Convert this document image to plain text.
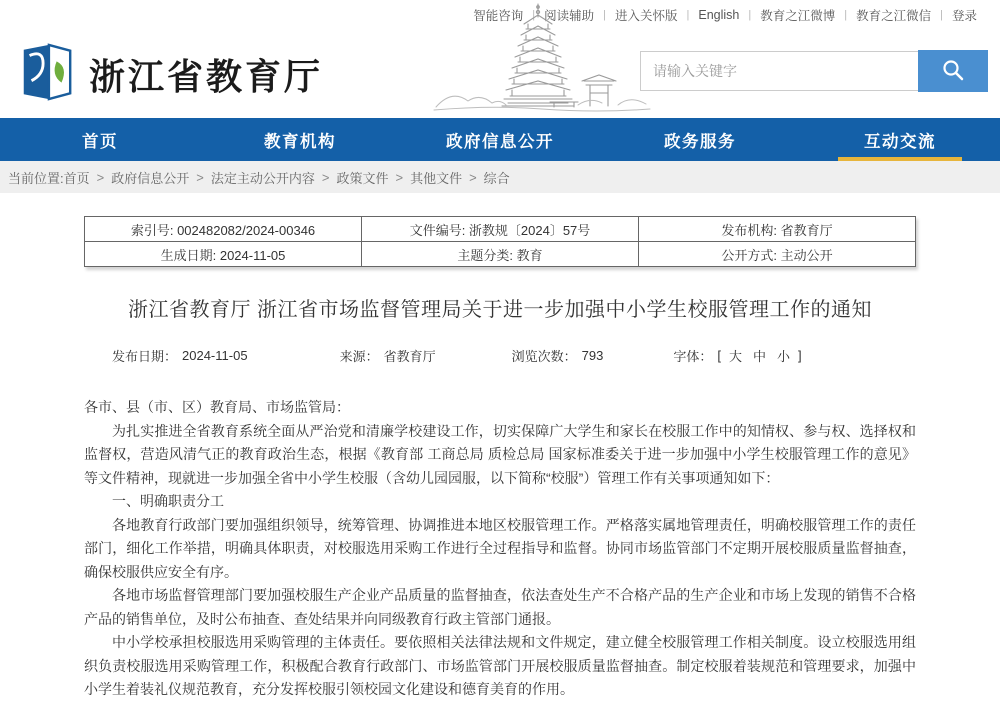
智能咨询 | 阅读辅助 | 进入关怀版 | English | 教育之江微博 | 教育之江微信 | 登录
浙江省教育厅
请输入关键字
首页	教育机构	政府信息公开	政务服务	互动交流
当前位置: 首页 > 政府信息公开 > 法定主动公开内容 > 政策文件 > 其他文件 > 综合
索引号: 002482082/2024-00346	文件编号: 浙教规〔2024〕57号	发布机构: 省教育厅
生成日期: 2024-11-05	主题分类: 教育	公开方式: 主动公开
浙江省教育厅 浙江省市场监督管理局关于进一步加强中小学生校服管理工作的通知
发布日期： 2024-11-05	来源： 省教育厅	浏览次数： 793	字体： [ 大 中 小 ]

各市、县（市、区）教育局、市场监管局：

为扎实推进全省教育系统全面从严治党和清廉学校建设工作，切实保障广大学生和家长在校服工作中的知情权、参与权、选择权和监督权，营造风清气正的教育政治生态，根据《教育部 工商总局 质检总局 国家标准委关于进一步加强中小学生校服管理工作的意见》等文件精神，现就进一步加强全省中小学生校服（含幼儿园园服，以下简称“校服”）管理工作有关事项通知如下：

一、明确职责分工

各地教育行政部门要加强组织领导，统筹管理、协调推进本地区校服管理工作。严格落实属地管理责任，明确校服管理工作的责任部门，细化工作举措，明确具体职责，对校服选用采购工作进行全过程指导和监督。协同市场监管部门不定期开展校服质量监督抽查，确保校服供应安全有序。

各地市场监督管理部门要加强校服生产企业产品质量的监督抽查，依法查处生产不合格产品的生产企业和市场上发现的销售不合格产品的销售单位，及时公布抽查、查处结果并向同级教育行政主管部门通报。

中小学校承担校服选用采购管理的主体责任。要依照相关法律法规和文件规定，建立健全校服管理工作相关制度。设立校服选用组织负责校服选用采购管理工作，积极配合教育行政部门、市场监管部门开展校服质量监督抽查。制定校服着装规范和管理要求，加强中小学生着装礼仪规范教育，充分发挥校服引领校园文化建设和德育美育的作用。
